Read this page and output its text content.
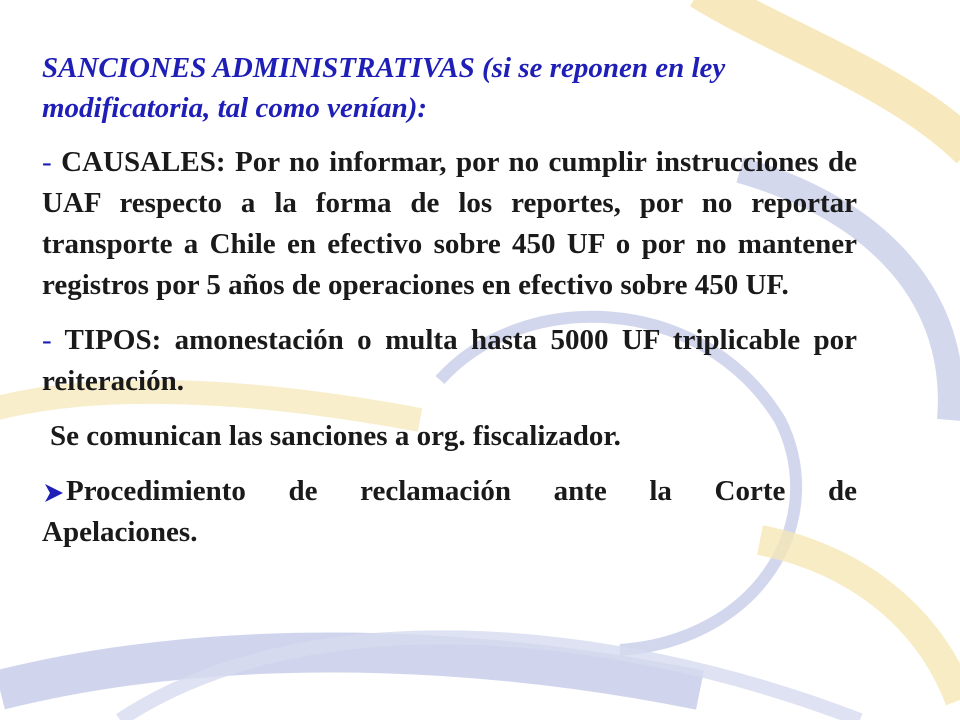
SANCIONES ADMINISTRATIVAS (si se reponen en ley modificatoria, tal como venían):

- CAUSALES: Por no informar, por no cumplir instrucciones de UAF respecto a la forma de los reportes, por no reportar transporte a Chile en efectivo sobre 450 UF o por no mantener registros por 5 años de operaciones en efectivo sobre 450 UF.

- TIPOS: amonestación o multa hasta 5000 UF triplicable por reiteración.

Se comunican las sanciones a org. fiscalizador.

Procedimiento de reclamación ante la Corte de
Apelaciones.
